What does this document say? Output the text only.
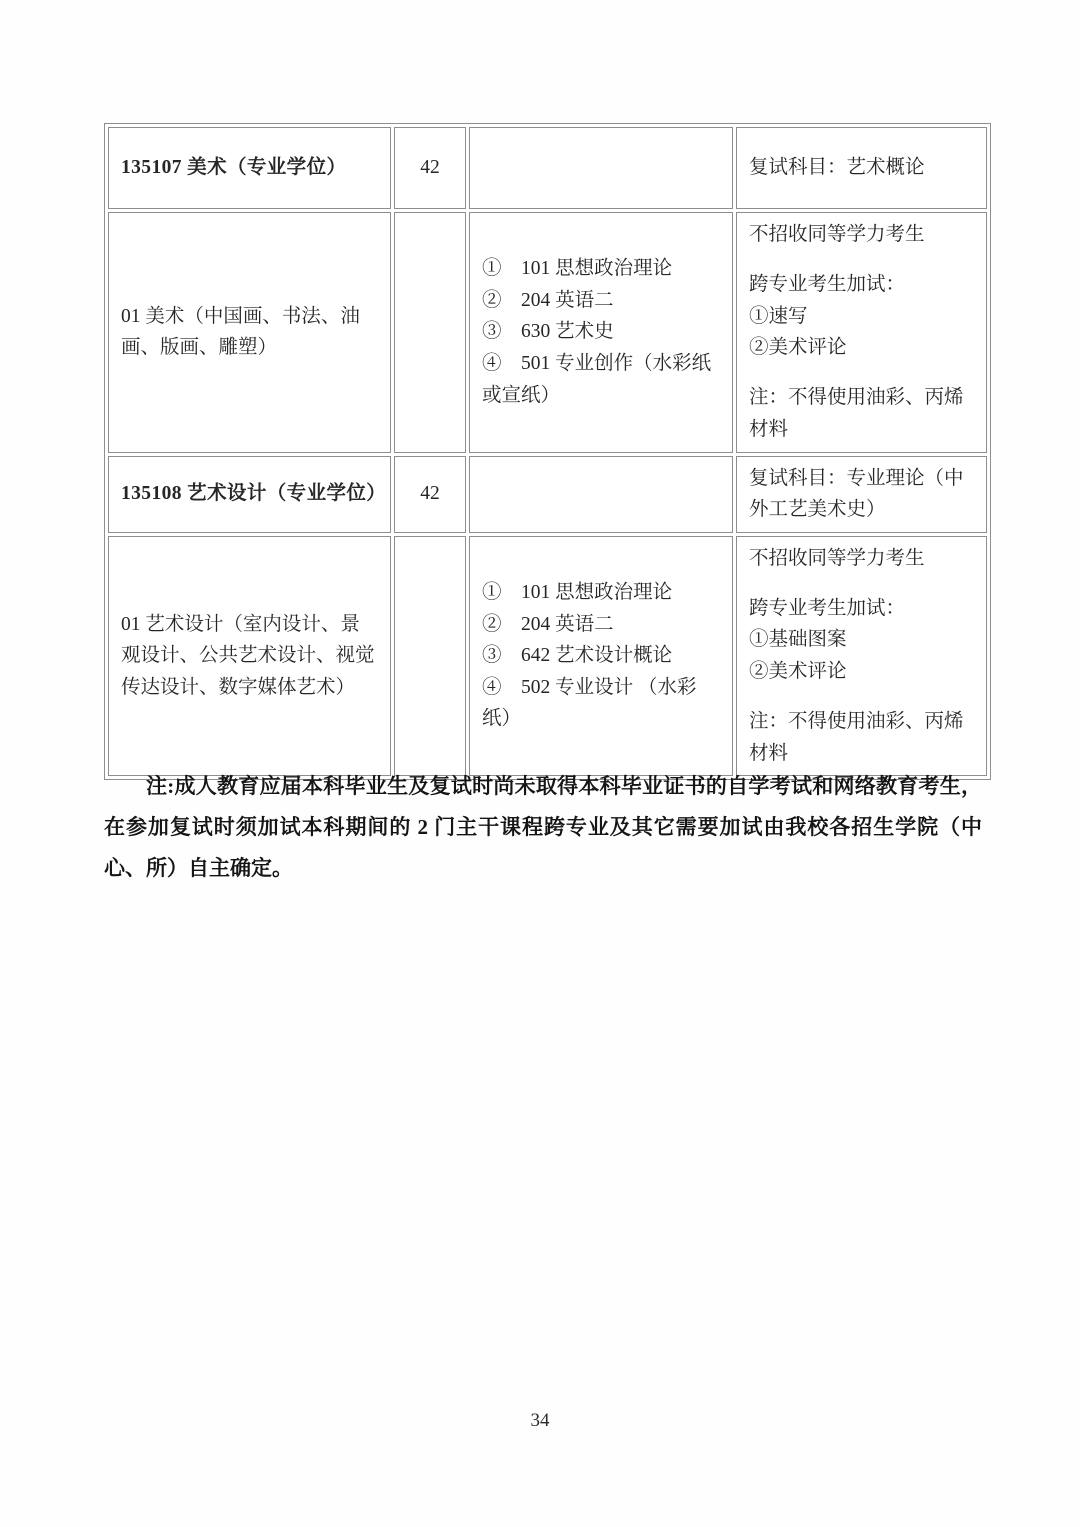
135107 美术（专业学位）	42		复试科目：艺术概论
01 美术（中国画、书法、油画、版画、雕塑）		①　101 思想政治理论
②　204 英语二
③　630 艺术史
④　501 专业创作（水彩纸或宣纸）	不招收同等学力考生
跨专业考生加试：
①速写
②美术评论
注：不得使用油彩、丙烯材料
135108 艺术设计（专业学位）	42		复试科目：专业理论（中外工艺美术史）
01 艺术设计（室内设计、景观设计、公共艺术设计、视觉传达设计、数字媒体艺术）		①　101 思想政治理论
②　204 英语二
③　642 艺术设计概论
④　502 专业设计 （水彩纸）	不招收同等学力考生
跨专业考生加试：
①基础图案
②美术评论
注：不得使用油彩、丙烯材料
注:成人教育应届本科毕业生及复试时尚未取得本科毕业证书的自学考试和网络教育考生，在参加复试时须加试本科期间的 2 门主干课程跨专业及其它需要加试由我校各招生学院（中心、所）自主确定。
34
